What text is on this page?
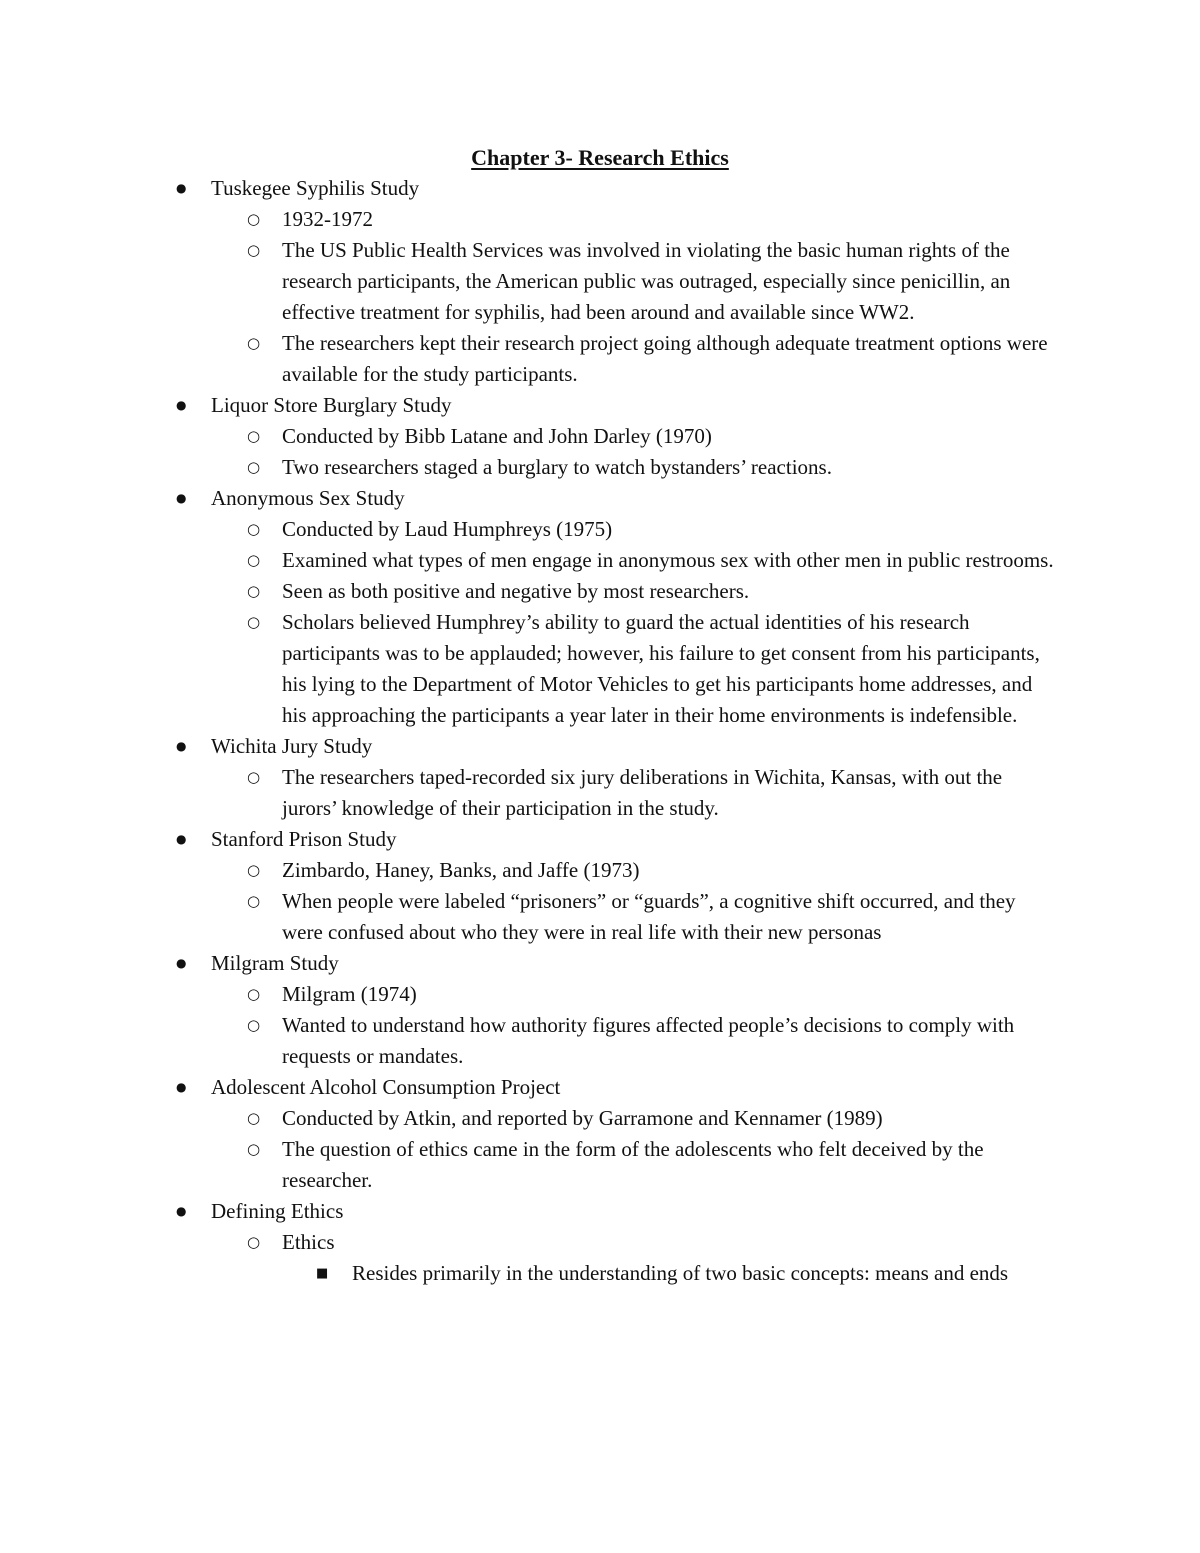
Chapter 3- Research Ethics
● Tuskegee Syphilis Study
○ 1932-1972
○ The US Public Health Services was involved in violating the basic human rights of the research participants, the American public was outraged, especially since penicillin, an effective treatment for syphilis, had been around and available since WW2.
○ The researchers kept their research project going although adequate treatment options were available for the study participants.
● Liquor Store Burglary Study
○ Conducted by Bibb Latane and John Darley (1970)
○ Two researchers staged a burglary to watch bystanders’ reactions.
● Anonymous Sex Study
○ Conducted by Laud Humphreys (1975)
○ Examined what types of men engage in anonymous sex with other men in public restrooms.
○ Seen as both positive and negative by most researchers.
○ Scholars believed Humphrey’s ability to guard the actual identities of his research participants was to be applauded; however, his failure to get consent from his participants, his lying to the Department of Motor Vehicles to get his participants home addresses, and his approaching the participants a year later in their home environments is indefensible.
● Wichita Jury Study
○ The researchers taped-recorded six jury deliberations in Wichita, Kansas, with out the jurors’ knowledge of their participation in the study.
● Stanford Prison Study
○ Zimbardo, Haney, Banks, and Jaffe (1973)
○ When people were labeled “prisoners” or “guards”, a cognitive shift occurred, and they were confused about who they were in real life with their new personas
● Milgram Study
○ Milgram (1974)
○ Wanted to understand how authority figures affected people’s decisions to comply with requests or mandates.
● Adolescent Alcohol Consumption Project
○ Conducted by Atkin, and reported by Garramone and Kennamer (1989)
○ The question of ethics came in the form of the adolescents who felt deceived by the researcher.
● Defining Ethics
○ Ethics
■ Resides primarily in the understanding of two basic concepts: means and ends
